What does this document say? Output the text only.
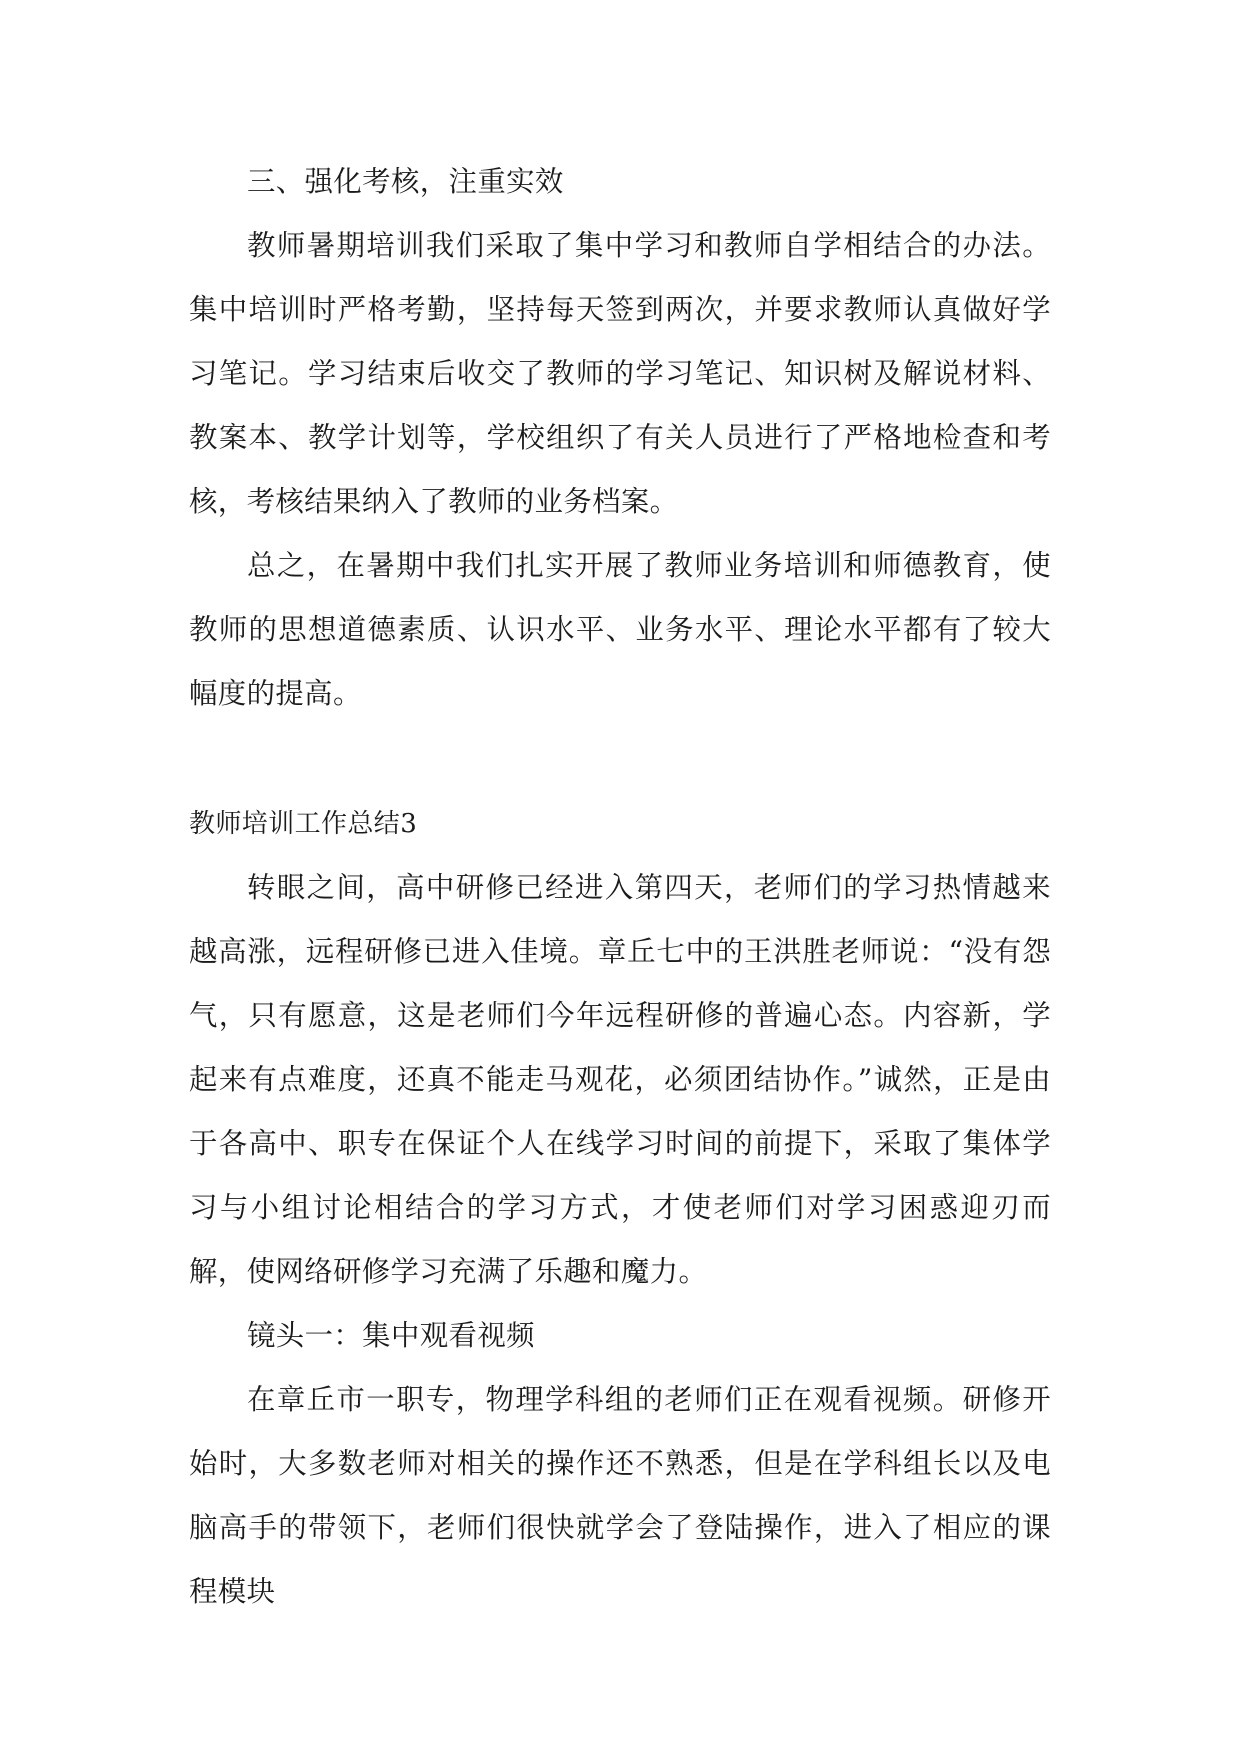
三、强化考核，注重实效

教师暑期培训我们采取了集中学习和教师自学相结合的办法。集中培训时严格考勤，坚持每天签到两次，并要求教师认真做好学习笔记。学习结束后收交了教师的学习笔记、知识树及解说材料、教案本、教学计划等，学校组织了有关人员进行了严格地检查和考核，考核结果纳入了教师的业务档案。

总之，在暑期中我们扎实开展了教师业务培训和师德教育，使教师的思想道德素质、认识水平、业务水平、理论水平都有了较大幅度的提高。

教师培训工作总结3

转眼之间，高中研修已经进入第四天，老师们的学习热情越来越高涨，远程研修已进入佳境。章丘七中的王洪胜老师说：“没有怨气，只有愿意，这是老师们今年远程研修的普遍心态。内容新，学起来有点难度，还真不能走马观花，必须团结协作。”诚然，正是由于各高中、职专在保证个人在线学习时间的前提下，采取了集体学习与小组讨论相结合的学习方式，才使老师们对学习困惑迎刃而解，使网络研修学习充满了乐趣和魔力。

镜头一：集中观看视频

在章丘市一职专，物理学科组的老师们正在观看视频。研修开始时，大多数老师对相关的操作还不熟悉，但是在学科组长以及电脑高手的带领下，老师们很快就学会了登陆操作，进入了相应的课程模块
